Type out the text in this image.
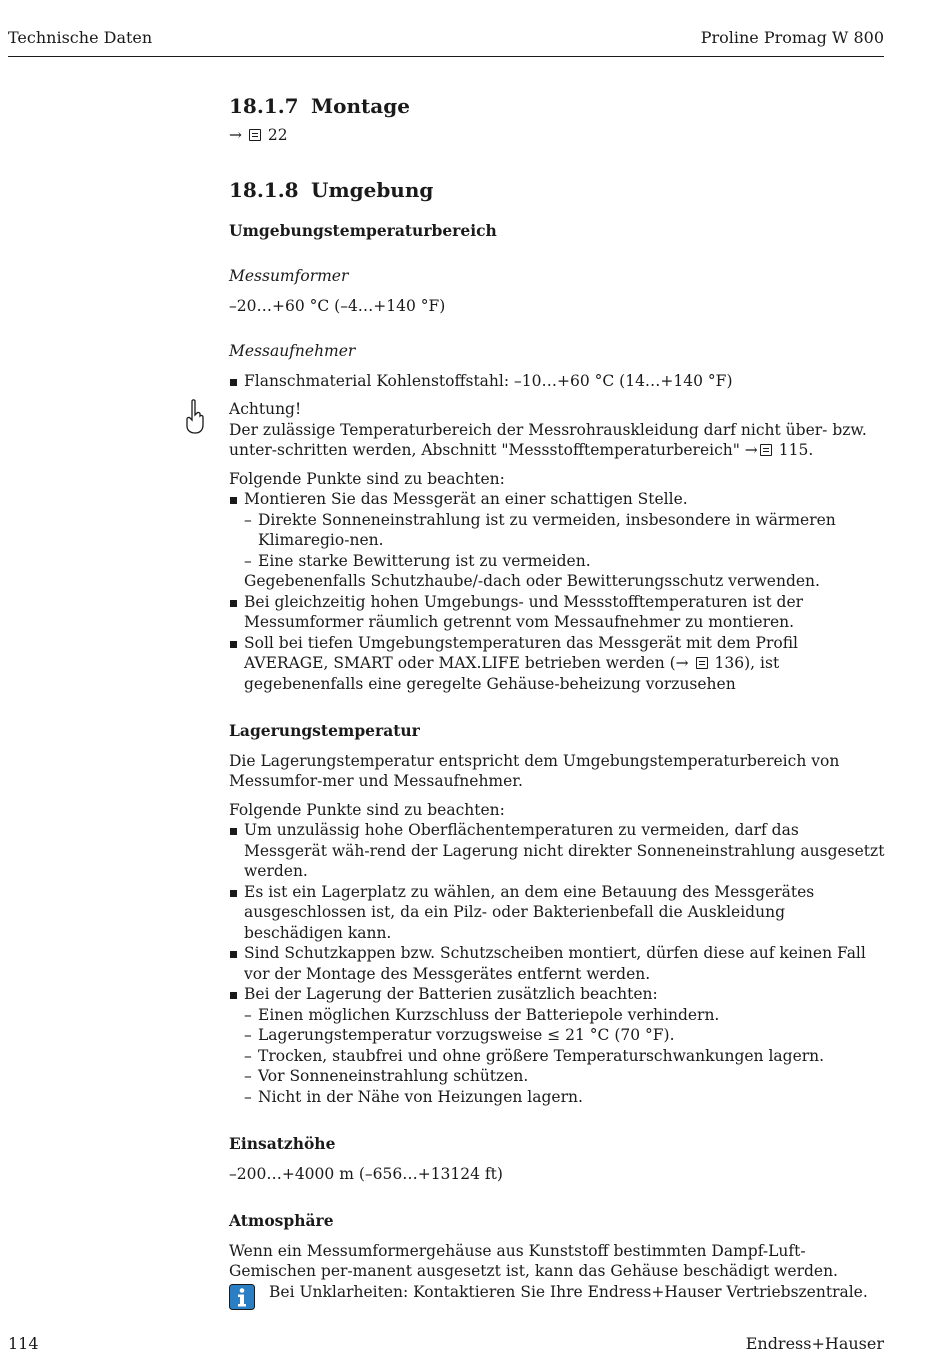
Technische Daten	Proline Promag W 800
18.1.7 Montage

→ 22

18.1.8 Umgebung

Umgebungstemperaturbereich

Messumformer

–20…+60 °C (–4…+140 °F)

Messaufnehmer

Flanschmaterial Kohlenstoffstahl: –10…+60 °C (14…+140 °F)

Achtung!

Der zulässige Temperaturbereich der Messrohrauskleidung darf nicht über- bzw. unter-schritten werden, Abschnitt "Messstofftemperaturbereich" → 115.

Folgende Punkte sind zu beachten:

Montieren Sie das Messgerät an einer schattigen Stelle.
– Direkte Sonneneinstrahlung ist zu vermeiden, insbesondere in wärmeren Klimaregio-nen.
– Eine starke Bewitterung ist zu vermeiden.
Gegebenenfalls Schutzhaube/-dach oder Bewitterungsschutz verwenden.
Bei gleichzeitig hohen Umgebungs- und Messstofftemperaturen ist der Messumformer räumlich getrennt vom Messaufnehmer zu montieren.
Soll bei tiefen Umgebungstemperaturen das Messgerät mit dem Profil AVERAGE, SMART oder MAX.LIFE betrieben werden (→ 136), ist gegebenenfalls eine geregelte Gehäuse-beheizung vorzusehen

Lagerungstemperatur

Die Lagerungstemperatur entspricht dem Umgebungstemperaturbereich von Messumfor-mer und Messaufnehmer.

Folgende Punkte sind zu beachten:

Um unzulässig hohe Oberflächentemperaturen zu vermeiden, darf das Messgerät wäh-rend der Lagerung nicht direkter Sonneneinstrahlung ausgesetzt werden.
Es ist ein Lagerplatz zu wählen, an dem eine Betauung des Messgerätes ausgeschlossen ist, da ein Pilz- oder Bakterienbefall die Auskleidung beschädigen kann.
Sind Schutzkappen bzw. Schutzscheiben montiert, dürfen diese auf keinen Fall vor der Montage des Messgerätes entfernt werden.
Bei der Lagerung der Batterien zusätzlich beachten:
– Einen möglichen Kurzschluss der Batteriepole verhindern.
– Lagerungstemperatur vorzugsweise ≤ 21 °C (70 °F).
– Trocken, staubfrei und ohne größere Temperaturschwankungen lagern.
– Vor Sonneneinstrahlung schützen.
– Nicht in der Nähe von Heizungen lagern.

Einsatzhöhe

–200…+4000 m (–656…+13124 ft)

Atmosphäre

Wenn ein Messumformergehäuse aus Kunststoff bestimmten Dampf-Luft-Gemischen per-manent ausgesetzt ist, kann das Gehäuse beschädigt werden.

Bei Unklarheiten: Kontaktieren Sie Ihre Endress+Hauser Vertriebszentrale.

114	Endress+Hauser
